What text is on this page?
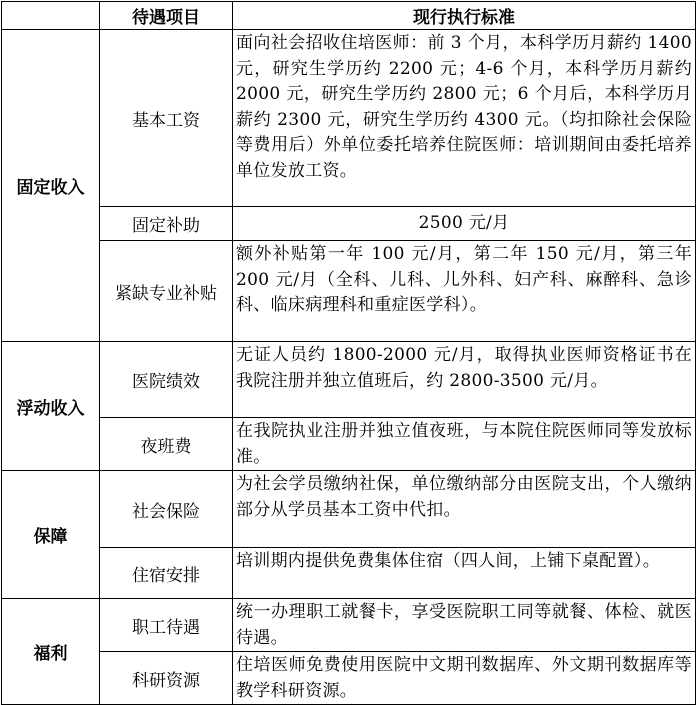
	待遇项目	现行执行标准
固定收入	基本工资	面向社会招收住培医师：前 3 个月，本科学历月薪约 1400 元，研究生学历约 2200 元；4-6 个月，本科学历月薪约 2000 元，研究生学历约 2800 元；6 个月后，本科学历月薪约 2300 元，研究生学历约 4300 元。（均扣除社会保险等费用后）外单位委托培养住院医师：培训期间由委托培养单位发放工资。
	固定补助	2500 元/月
	紧缺专业补贴	额外补贴第一年 100 元/月，第二年 150 元/月，第三年 200 元/月（全科、儿科、儿外科、妇产科、麻醉科、急诊科、临床病理科和重症医学科）。
浮动收入	医院绩效	无证人员约 1800-2000 元/月，取得执业医师资格证书在我院注册并独立值班后，约 2800-3500 元/月。
	夜班费	在我院执业注册并独立值夜班，与本院住院医师同等发放标准。
保障	社会保险	为社会学员缴纳社保，单位缴纳部分由医院支出，个人缴纳部分从学员基本工资中代扣。
	住宿安排	培训期内提供免费集体住宿（四人间，上铺下桌配置）。
福利	职工待遇	统一办理职工就餐卡，享受医院职工同等就餐、体检、就医待遇。
	科研资源	住培医师免费使用医院中文期刊数据库、外文期刊数据库等教学科研资源。
